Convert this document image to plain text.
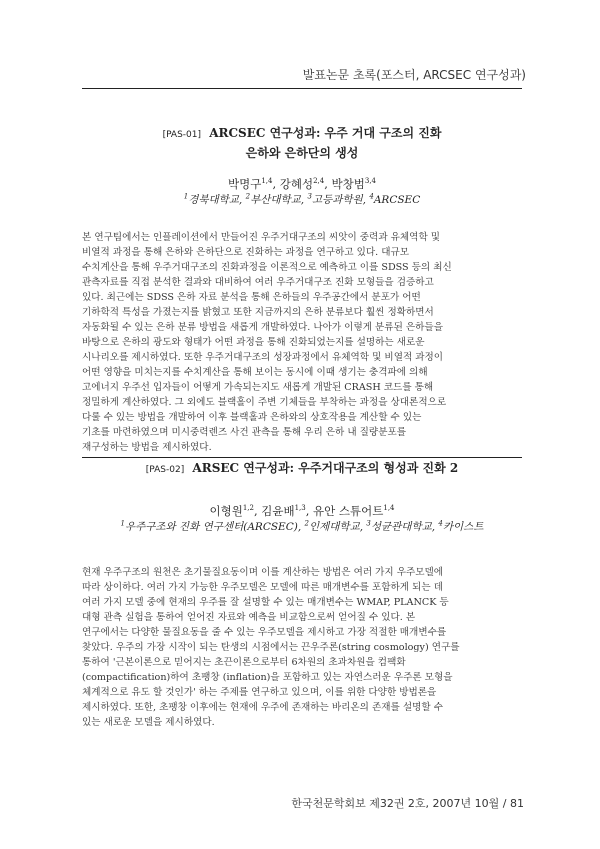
발표논문 초록(포스터, ARCSEC 연구성과)
[PAS-01] ARCSEC 연구성과: 우주 거대 구조의 진화
은하와 은하단의 생성
박명구$^{1,4}$, 강혜성$^{2,4}$, 박창범$^{3,4}$
$^1$경북대학교, $^2$부산대학교, $^3$고등과학원, $^4$ARCSEC
본 연구팀에서는 인플레이션에서 만들어진 우주거대구조의 씨앗이 중력과 유체역학 및
비열적 과정을 통해 은하와 은하단으로 진화하는 과정을 연구하고 있다. 대규모
수치계산을 통해 우주거대구조의 진화과정을 이론적으로 예측하고 이를 SDSS 등의 최신
관측자료를 직접 분석한 결과와 대비하여 여러 우주거대구조 진화 모형들을 검증하고
있다. 최근에는 SDSS 은하 자료 분석을 통해 은하들의 우주공간에서 분포가 어떤
기하학적 특성을 가졌는지를 밝혔고 또한 지금까지의 은하 분류보다 훨씬 정확하면서
자동화될 수 있는 은하 분류 방법을 새롭게 개발하였다. 나아가 이렇게 분류된 은하들을
바탕으로 은하의 광도와 형태가 어떤 과정을 통해 진화되었는지를 설명하는 새로운
시나리오를 제시하였다. 또한 우주거대구조의 성장과정에서 유체역학 및 비열적 과정이
어떤 영향을 미치는지를 수치계산을 통해 보이는 동시에 이때 생기는 충격파에 의해
고에너지 우주선 입자들이 어떻게 가속되는지도 새롭게 개발된 CRASH 코드를 통해
정밀하게 계산하였다. 그 외에도 블랙홀이 주변 기체들을 부착하는 과정을 상대론적으로
다룰 수 있는 방법을 개발하여 이후 블랙홀과 은하와의 상호작용을 계산할 수 있는
기초를 마련하였으며 미시중력렌즈 사건 관측을 통해 우리 은하 내 질량분포를
재구성하는 방법을 제시하였다.
[PAS-02] ARSEC 연구성과: 우주거대구조의 형성과 진화 2
이형원$^{1,2}$, 김윤배$^{1,3}$, 유안 스튜어트$^{1,4}$
$^1$우주구조와 진화 연구센터(ARCSEC), $^2$인제대학교, $^3$성균관대학교, $^4$카이스트
현재 우주구조의 원천은 초기물질요동이며 이를 계산하는 방법은 여러 가지 우주모델에
따라 상이하다. 여러 가지 가능한 우주모델은 모델에 따른 매개변수를 포함하게 되는 데
여러 가지 모델 중에 현재의 우주를 잘 설명할 수 있는 매개변수는 WMAP, PLANCK 등
대형 관측 실험을 통하여 얻어진 자료와 예측을 비교함으로써 얻어질 수 있다. 본
연구에서는 다양한 물질요동을 줄 수 있는 우주모델을 제시하고 가장 적절한 매개변수를
찾았다. 우주의 가장 시작이 되는 탄생의 시점에서는 끈우주론(string cosmology) 연구를
통하여 '근본이론으로 믿어지는 초끈이론으로부터 6차원의 초과차원을 컴팩화
(compactification)하여 초팽창 (inflation)을 포함하고 있는 자연스러운 우주론 모형을
체계적으로 유도 할 것인가' 하는 주제를 연구하고 있으며, 이를 위한 다양한 방법론을
제시하였다. 또한, 초팽창 이후에는 현재에 우주에 존재하는 바리온의 존재를 설명할 수
있는 새로운 모델을 제시하였다.
한국천문학회보 제32권 2호, 2007년 10월 / 81
